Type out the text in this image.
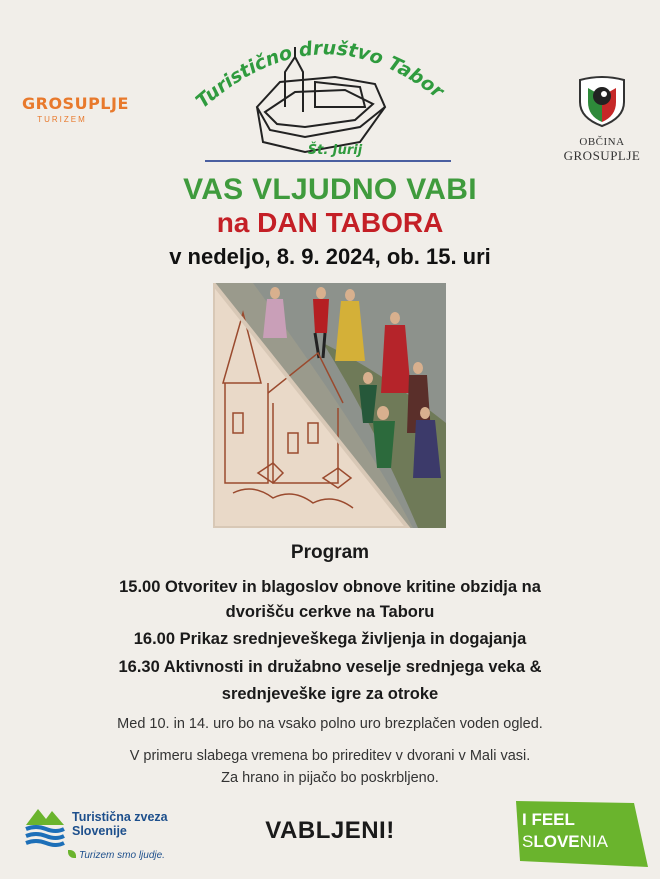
GROSUPLJE
TURIZEM
Turistično društvo Tabor
Št. Jurij
OBČINA
GROSUPLJE
VAS VLJUDNO VABI
na DAN TABORA
v nedeljo, 8. 9. 2024, ob. 15. uri
Program
15.00 Otvoritev in blagoslov obnove kritine obzidja na
dvorišču cerkve na Taboru
16.00 Prikaz srednjeveškega življenja in dogajanja
16.30 Aktivnosti in družabno veselje srednjega veka &
srednjeveške igre za otroke
Med 10. in 14. uro bo na vsako polno uro brezplačen voden ogled.
V primeru slabega vremena bo prireditev v dvorani v Mali vasi.
Za hrano in pijačo bo poskrbljeno.
Turistična zveza
Slovenije
Turizem smo ljudje.
VABLJENI!	I FEEL
SLOVENIA
